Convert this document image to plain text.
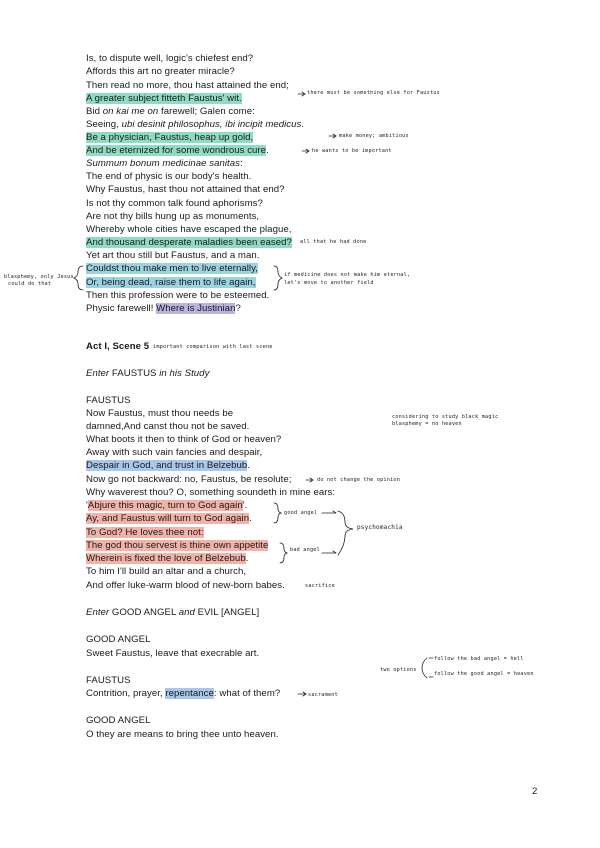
Is, to dispute well, logic's chiefest end?
Affords this art no greater miracle?
Then read no more, thou hast attained the end;
A greater subject fitteth Faustus' wit.
Bid on kai me on farewell; Galen come:
Seeing, ubi desinit philosophus, ibi incipit medicus.
Be a physician, Faustus, heap up gold,
And be eternized for some wondrous cure.
Summum bonum medicinae sanitas:
The end of physic is our body's health.
Why Faustus, hast thou not attained that end?
Is not thy common talk found aphorisms?
Are not thy bills hung up as monuments,
Whereby whole cities have escaped the plague,
And thousand desperate maladies been eased?
Yet art thou still but Faustus, and a man.
Couldst thou make men to live eternally,
Or, being dead, raise them to life again,
Then this profession were to be esteemed.
Physic farewell! Where is Justinian?
Act I, Scene 5 important comparison with last scene
Enter FAUSTUS in his Study
FAUSTUS
Now Faustus, must thou needs be
damned,And canst thou not be saved.
What boots it then to think of God or heaven?
Away with such vain fancies and despair,
Despair in God, and trust in Belzebub.
Now go not backward: no, Faustus, be resolute;
Why waverest thou? O, something soundeth in mine ears:
'Abjure this magic, turn to God again'.
Ay, and Faustus will turn to God again.
To God? He loves thee not:
The god thou servest is thine own appetite
Wherein is fixed the love of Belzebub.
To him I'll build an altar and a church,
And offer luke-warm blood of new-born babes.
Enter GOOD ANGEL and EVIL [ANGEL]
GOOD ANGEL
Sweet Faustus, leave that execrable art.
FAUSTUS
Contrition, prayer, repentance: what of them?
GOOD ANGEL
O they are means to bring thee unto heaven.
there must be something else for Faustus
make money; ambitious
he wants to be important
all that he had done
blasphemy, only Jesus
could do that
if medicine does not make him eternal,
let's move to another field
considering to study black magic
blasphemy = no heaven
do not change the opinion
good angel
bad angel
psychomachia
sacrifice
two options
follow the bad angel = hell
follow the good angel = heaven
sacrament
2
